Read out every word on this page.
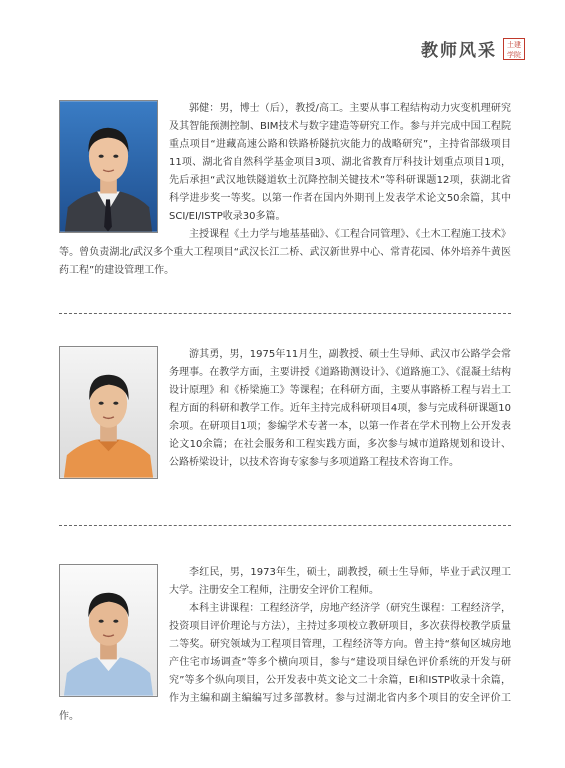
教师风采 土建学院

郭健：男，博士（后），教授/高工。主要从事工程结构动力灾变机理研究及其智能预测控制、BIM技术与数字建造等研究工作。参与并完成中国工程院重点项目“进藏高速公路和铁路桥隧抗灾能力的战略研究”，主持省部级项目11项、湖北省自然科学基金项目3项、湖北省教育厅科技计划重点项目1项，先后承担“武汉地铁隧道软土沉降控制关键技术”等科研课题12项，获湖北省科学进步奖一等奖。以第一作者在国内外期刊上发表学术论文50余篇，其中SCI/EI/ISTP收录30多篇。

主授课程《土力学与地基基础》、《工程合同管理》、《土木工程施工技术》等。曾负责湖北/武汉多个重大工程项目“武汉长江二桥、武汉新世界中心、常青花园、体外培养牛黄医药工程”的建设管理工作。

游其勇，男，1975年11月生，副教授、硕士生导师、武汉市公路学会常务理事。在教学方面，主要讲授《道路勘测设计》、《道路施工》、《混凝土结构设计原理》和《桥梁施工》等课程；在科研方面，主要从事路桥工程与岩土工程方面的科研和教学工作。近年主持完成科研项目4项，参与完成科研课题10余项。在研项目1项；参编学术专著一本，以第一作者在学术刊物上公开发表论文10余篇；在社会服务和工程实践方面，多次参与城市道路规划和设计、公路桥梁设计，以技术咨询专家参与多项道路工程技术咨询工作。

李红民，男，1973年生，硕士，副教授，硕士生导师，毕业于武汉理工大学。注册安全工程师，注册安全评价工程师。

本科主讲课程：工程经济学，房地产经济学（研究生课程：工程经济学，投资项目评价理论与方法），主持过多项校立教研项目，多次获得校教学质量二等奖。研究领域为工程项目管理，工程经济等方向。曾主持“蔡甸区城房地产住宅市场调查”等多个横向项目，参与“建设项目绿色评价系统的开发与研究”等多个纵向项目，公开发表中英文论文二十余篇，EI和ISTP收录十余篇，作为主编和副主编编写过多部教材。参与过湖北省内多个项目的安全评价工作。
